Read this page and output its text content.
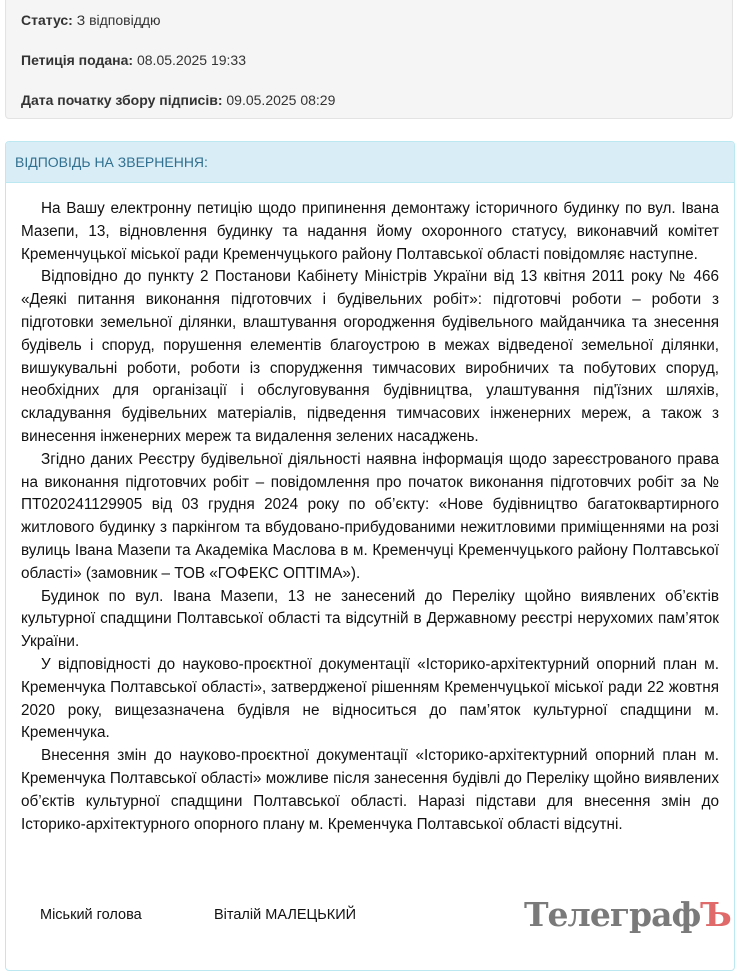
Статус: З відповіддю
Петиція подана: 08.05.2025 19:33
Дата початку збору підписів: 09.05.2025 08:29
ВІДПОВІДЬ НА ЗВЕРНЕННЯ:

На Вашу електронну петицію щодо припинення демонтажу історичного будинку по вул. Івана Мазепи, 13, відновлення будинку та надання йому охоронного статусу, виконавчий комітет Кременчуцької міської ради Кременчуцького району Полтавської області повідомляє наступне.

Відповідно до пункту 2 Постанови Кабінету Міністрів України від 13 квітня 2011 року № 466 «Деякі питання виконання підготовчих і будівельних робіт»: підготовчі роботи – роботи з підготовки земельної ділянки, влаштування огородження будівельного майданчика та знесення будівель і споруд, порушення елементів благоустрою в межах відведеної земельної ділянки, вишукувальні роботи, роботи із спорудження тимчасових виробничих та побутових споруд, необхідних для організації і обслуговування будівництва, улаштування під'їзних шляхів, складування будівельних матеріалів, підведення тимчасових інженерних мереж, а також з винесення інженерних мереж та видалення зелених насаджень.

Згідно даних Реєстру будівельної діяльності наявна інформація щодо зареєстрованого права на виконання підготовчих робіт – повідомлення про початок виконання підготовчих робіт за № ПТ020241129905 від 03 грудня 2024 року по об’єкту: «Нове будівництво багатоквартирного житлового будинку з паркінгом та вбудовано-прибудованими нежитловими приміщеннями на розі вулиць Івана Мазепи та Академіка Маслова в м. Кременчуці Кременчуцького району Полтавської області» (замовник – ТОВ «ГОФЕКС ОПТІМА»).

Будинок по вул. Івана Мазепи, 13 не занесений до Переліку щойно виявлених об’єктів культурної спадщини Полтавської області та відсутній в Державному реєстрі нерухомих пам’яток України.

У відповідності до науково-проєктної документації «Історико-архітектурний опорний план м. Кременчука Полтавської області», затвердженої рішенням Кременчуцької міської ради 22 жовтня 2020 року, вищезазначена будівля не відноситься до пам’яток культурної спадщини м. Кременчука.

Внесення змін до науково-проєктної документації «Історико-архітектурний опорний план м. Кременчука Полтавської області» можливе після занесення будівлі до Переліку щойно виявлених об’єктів культурної спадщини Полтавської області. Наразі підстави для внесення змін до Історико-архітектурного опорного плану м. Кременчука Полтавської області відсутні.

Міський голова	Віталій МАЛЕЦЬКИЙ	ТелеграфЪ
